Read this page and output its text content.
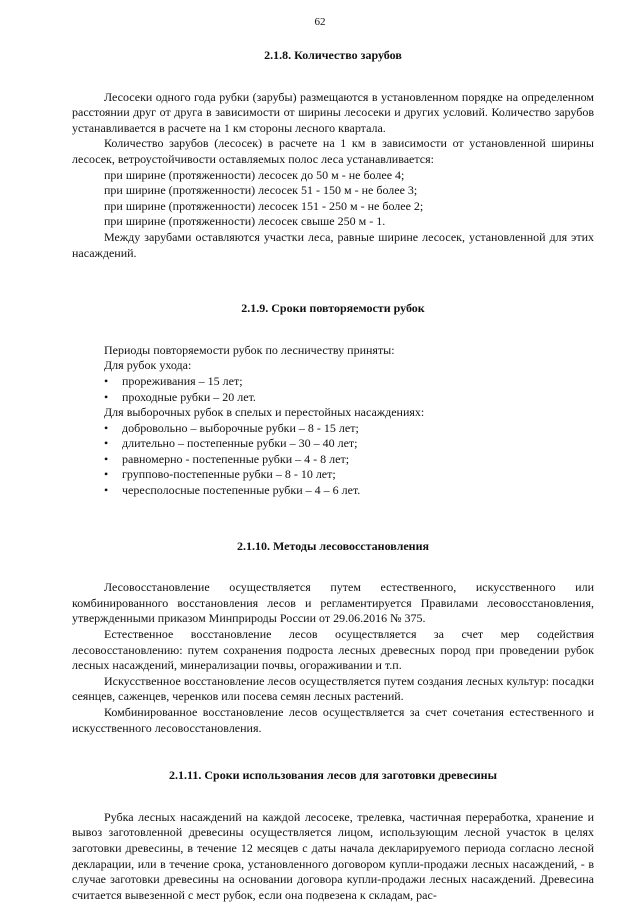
62
2.1.8. Количество зарубов

Лесосеки одного года рубки (зарубы) размещаются в установленном порядке на определенном расстоянии друг от друга в зависимости от ширины лесосеки и других условий. Количество зарубов устанавливается в расчете на 1 км стороны лесного квартала.

Количество зарубов (лесосек) в расчете на 1 км в зависимости от установленной ширины лесосек, ветроустойчивости оставляемых полос леса устанавливается:

при ширине (протяженности) лесосек до 50 м - не более 4;
при ширине (протяженности) лесосек 51 - 150 м - не более 3;
при ширине (протяженности) лесосек 151 - 250 м - не более 2;
при ширине (протяженности) лесосек свыше 250 м - 1.

Между зарубами оставляются участки леса, равные ширине лесосек, установленной для этих насаждений.

2.1.9. Сроки повторяемости рубок
Периоды повторяемости рубок по лесничеству приняты:
Для рубок ухода:
• прореживания – 15 лет;
• проходные рубки – 20 лет.
Для выборочных рубок в спелых и перестойных насаждениях:
• добровольно – выборочные рубки – 8 - 15 лет;
• длительно – постепенные рубки – 30 – 40 лет;
• равномерно - постепенные рубки – 4 - 8 лет;
• группово-постепенные рубки – 8 - 10 лет;
• чересполосные постепенные рубки – 4 – 6 лет.
2.1.10. Методы лесовосстановления

Лесовосстановление осуществляется путем естественного, искусственного или комбинированного восстановления лесов и регламентируется Правилами лесовосстановления, утвержденными приказом Минприроды России от 29.06.2016 № 375.

Естественное восстановление лесов осуществляется за счет мер содействия лесовосстановлению: путем сохранения подроста лесных древесных пород при проведении рубок лесных насаждений, минерализации почвы, огораживании и т.п.

Искусственное восстановление лесов осуществляется путем создания лесных культур: посадки сеянцев, саженцев, черенков или посева семян лесных растений.

Комбинированное восстановление лесов осуществляется за счет сочетания естественного и искусственного лесовосстановления.

2.1.11. Сроки использования лесов для заготовки древесины

Рубка лесных насаждений на каждой лесосеке, трелевка, частичная переработка, хранение и вывоз заготовленной древесины осуществляется лицом, использующим лесной участок в целях заготовки древесины, в течение 12 месяцев с даты начала декларируемого периода согласно лесной декларации, или в течение срока, установленного договором купли-продажи лесных насаждений, - в случае заготовки древесины на основании договора купли-продажи лесных насаждений. Древесина считается вывезенной с мест рубок, если она подвезена к складам, рас-
